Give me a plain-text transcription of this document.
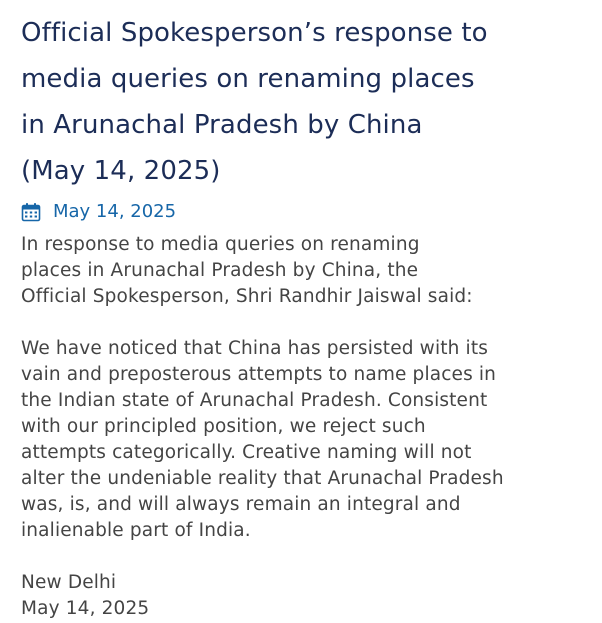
Official Spokesperson’s response to
media queries on renaming places
in Arunachal Pradesh by China
(May 14, 2025)
May 14, 2025

In response to media queries on renaming
places in Arunachal Pradesh by China, the
Official Spokesperson, Shri Randhir Jaiswal said:

We have noticed that China has persisted with its
vain and preposterous attempts to name places in
the Indian state of Arunachal Pradesh. Consistent
with our principled position, we reject such
attempts categorically. Creative naming will not
alter the undeniable reality that Arunachal Pradesh
was, is, and will always remain an integral and
inalienable part of India.

New Delhi
May 14, 2025
